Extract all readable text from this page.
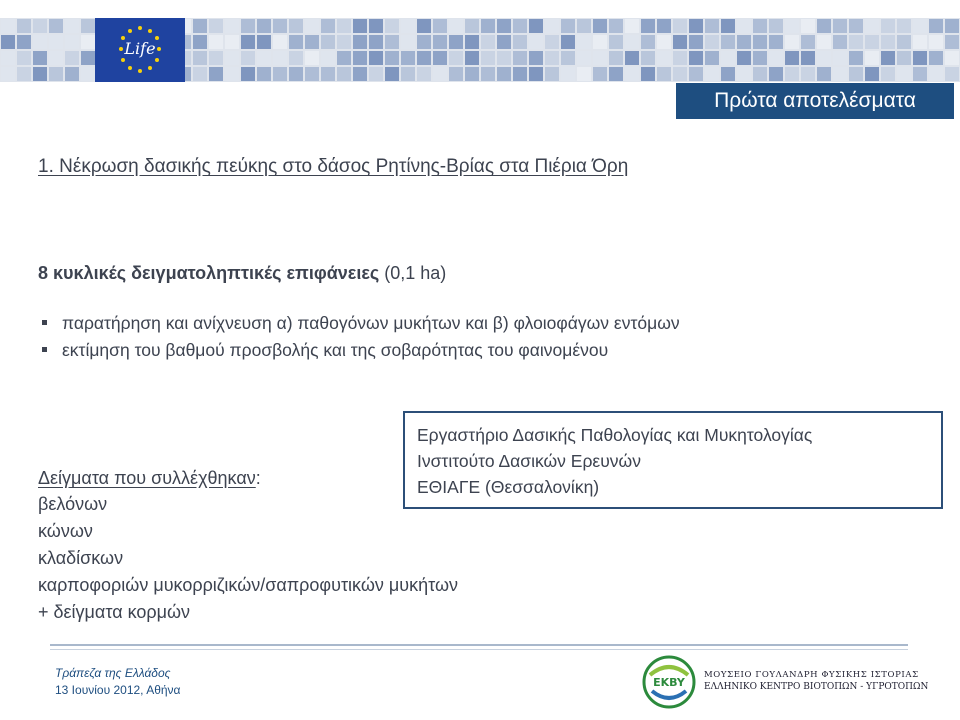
Life
Πρώτα αποτελέσματα
1. Νέκρωση δασικής πεύκης στο δάσος Ρητίνης-Βρίας στα Πιέρια Όρη
8 κυκλικές δειγματοληπτικές επιφάνειες (0,1 ha)
παρατήρηση και ανίχνευση α) παθογόνων μυκήτων και β) φλοιοφάγων εντόμων
εκτίμηση του βαθμού προσβολής και της σοβαρότητας του φαινομένου
Εργαστήριο Δασικής Παθολογίας και Μυκητολογίας
Ινστιτούτο Δασικών Ερευνών
ΕΘΙΑΓΕ (Θεσσαλονίκη)
Δείγματα που συλλέχθηκαν:
βελόνων
κώνων
κλαδίσκων
καρποφοριών μυκορριζικών/σαπροφυτικών μυκήτων
+ δείγματα κορμών
Τράπεζα της Ελλάδος
13 Ιουνίου 2012, Αθήνα
EKBY
ΜΟΥΣΕΙΟ ΓΟΥΛΑΝΔΡΗ ΦΥΣΙΚΗΣ ΙΣΤΟΡΙΑΣ
ΕΛΛΗΝΙΚΟ ΚΕΝΤΡΟ ΒΙΟΤΟΠΩΝ - ΥΓΡΟΤΟΠΩΝ
